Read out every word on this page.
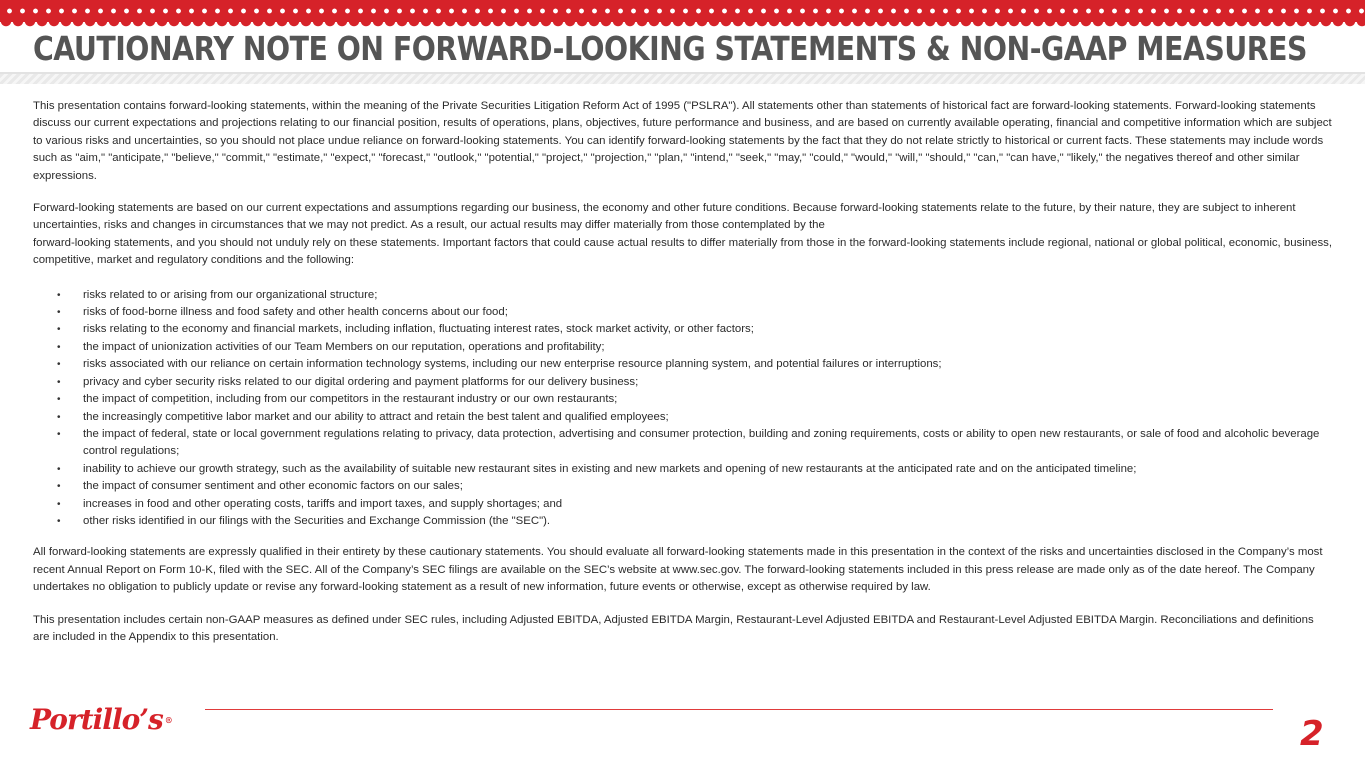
CAUTIONARY NOTE ON FORWARD-LOOKING STATEMENTS & NON-GAAP MEASURES

This presentation contains forward-looking statements, within the meaning of the Private Securities Litigation Reform Act of 1995 ("PSLRA"). All statements other than statements of historical fact are forward-looking statements. Forward-looking statements discuss our current expectations and projections relating to our financial position, results of operations, plans, objectives, future performance and business, and are based on currently available operating, financial and competitive information which are subject to various risks and uncertainties, so you should not place undue reliance on forward-looking statements. You can identify forward-looking statements by the fact that they do not relate strictly to historical or current facts. These statements may include words such as "aim," "anticipate," "believe," "commit," "estimate," "expect," "forecast," "outlook," "potential," "project," "projection," "plan," "intend," "seek," "may," "could," "would," "will," "should," "can," "can have," "likely," the negatives thereof and other similar expressions.

Forward-looking statements are based on our current expectations and assumptions regarding our business, the economy and other future conditions. Because forward-looking statements relate to the future, by their nature, they are subject to inherent uncertainties, risks and changes in circumstances that we may not predict. As a result, our actual results may differ materially from those contemplated by the
forward-looking statements, and you should not unduly rely on these statements. Important factors that could cause actual results to differ materially from those in the forward-looking statements include regional, national or global political, economic, business, competitive, market and regulatory conditions and the following:

• risks related to or arising from our organizational structure;
• risks of food-borne illness and food safety and other health concerns about our food;
• risks relating to the economy and financial markets, including inflation, fluctuating interest rates, stock market activity, or other factors;
• the impact of unionization activities of our Team Members on our reputation, operations and profitability;
• risks associated with our reliance on certain information technology systems, including our new enterprise resource planning system, and potential failures or interruptions;
• privacy and cyber security risks related to our digital ordering and payment platforms for our delivery business;
• the impact of competition, including from our competitors in the restaurant industry or our own restaurants;
• the increasingly competitive labor market and our ability to attract and retain the best talent and qualified employees;
• the impact of federal, state or local government regulations relating to privacy, data protection, advertising and consumer protection, building and zoning requirements, costs or ability to open new restaurants, or sale of food and alcoholic beverage control regulations;
• inability to achieve our growth strategy, such as the availability of suitable new restaurant sites in existing and new markets and opening of new restaurants at the anticipated rate and on the anticipated timeline;
• the impact of consumer sentiment and other economic factors on our sales;
• increases in food and other operating costs, tariffs and import taxes, and supply shortages; and
• other risks identified in our filings with the Securities and Exchange Commission (the "SEC").

All forward-looking statements are expressly qualified in their entirety by these cautionary statements. You should evaluate all forward-looking statements made in this presentation in the context of the risks and uncertainties disclosed in the Company’s most recent Annual Report on Form 10-K, filed with the SEC. All of the Company’s SEC filings are available on the SEC’s website at www.sec.gov. The forward-looking statements included in this press release are made only as of the date hereof. The Company undertakes no obligation to publicly update or revise any forward-looking statement as a result of new information, future events or otherwise, except as otherwise required by law.

This presentation includes certain non-GAAP measures as defined under SEC rules, including Adjusted EBITDA, Adjusted EBITDA Margin, Restaurant-Level Adjusted EBITDA and Restaurant-Level Adjusted EBITDA Margin. Reconciliations and definitions are included in the Appendix to this presentation.

Portillo’s ®	2
